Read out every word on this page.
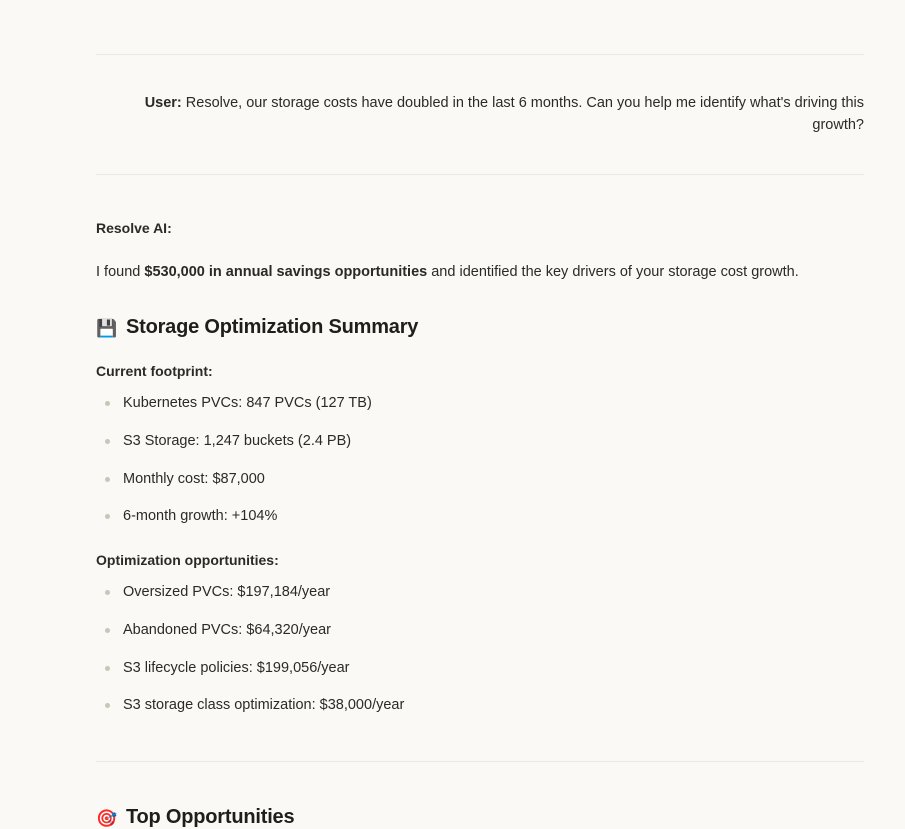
User: Resolve, our storage costs have doubled in the last 6 months. Can you help me identify what's driving this growth?
Resolve AI:
I found $530,000 in annual savings opportunities and identified the key drivers of your storage cost growth.
💾 Storage Optimization Summary
Current footprint:
Kubernetes PVCs: 847 PVCs (127 TB)
S3 Storage: 1,247 buckets (2.4 PB)
Monthly cost: $87,000
6-month growth: +104%
Optimization opportunities:
Oversized PVCs: $197,184/year
Abandoned PVCs: $64,320/year
S3 lifecycle policies: $199,056/year
S3 storage class optimization: $38,000/year
🎯 Top Opportunities
